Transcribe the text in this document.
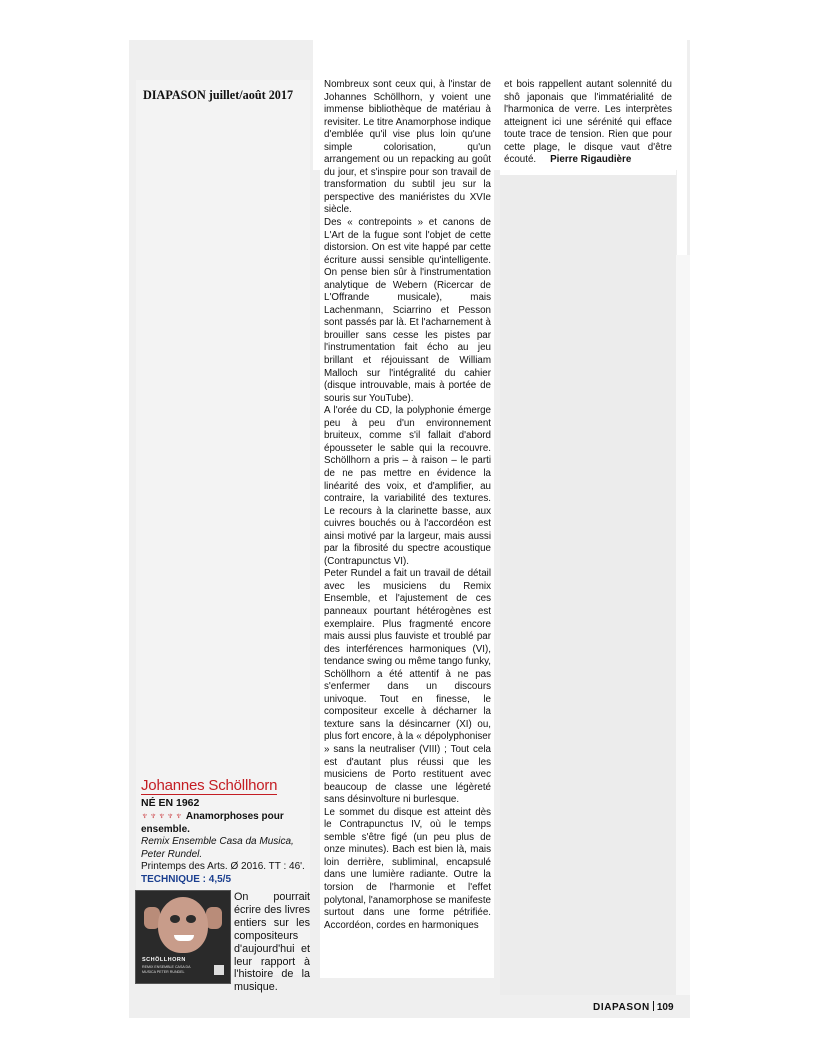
DIAPASON juillet/août 2017

Nombreux sont ceux qui, à l'instar de Johannes Schöllhorn, y voient une immense bibliothèque de matériau à revisiter. Le titre Anamorphose indique d'emblée qu'il vise plus loin qu'une simple colorisation, qu'un arrangement ou un repacking au goût du jour, et s'inspire pour son travail de transformation du subtil jeu sur la perspective des maniéristes du XVIe siècle.

Des « contrepoints » et canons de L'Art de la fugue sont l'objet de cette distorsion. On est vite happé par cette écriture aussi sensible qu'intelligente. On pense bien sûr à l'instrumentation analytique de Webern (Ricercar de L'Offrande musicale), mais Lachenmann, Sciarrino et Pesson sont passés par là. Et l'acharnement à brouiller sans cesse les pistes par l'instrumentation fait écho au jeu brillant et réjouissant de William Malloch sur l'intégralité du cahier (disque introuvable, mais à portée de souris sur YouTube).

A l'orée du CD, la polyphonie émerge peu à peu d'un environnement bruiteux, comme s'il fallait d'abord épousseter le sable qui la recouvre. Schöllhorn a pris – à raison – le parti de ne pas mettre en évidence la linéarité des voix, et d'amplifier, au contraire, la variabilité des textures. Le recours à la clarinette basse, aux cuivres bouchés ou à l'accordéon est ainsi motivé par la largeur, mais aussi par la fibrosité du spectre acoustique (Contrapunctus VI).

Peter Rundel a fait un travail de détail avec les musiciens du Remix Ensemble, et l'ajustement de ces panneaux pourtant hétérogènes est exemplaire. Plus fragmenté encore mais aussi plus fauviste et troublé par des interférences harmoniques (VI), tendance swing ou même tango funky, Schöllhorn a été attentif à ne pas s'enfermer dans un discours univoque. Tout en finesse, le compositeur excelle à décharner la texture sans la désincarner (XI) ou, plus fort encore, à la « dépolyphoniser » sans la neutraliser (VIII) ; Tout cela est d'autant plus réussi que les musiciens de Porto restituent avec beaucoup de classe une légèreté sans désinvolture ni burlesque.

Le sommet du disque est atteint dès le Contrapunctus IV, où le temps semble s'être figé (un peu plus de onze minutes). Bach est bien là, mais loin derrière, subliminal, encapsulé dans une lumière radiante. Outre la torsion de l'harmonie et l'effet polytonal, l'anamorphose se manifeste surtout dans une forme pétrifiée. Accordéon, cordes en harmoniques

et bois rappellent autant solennité du shô japonais que l'immatérialité de l'harmonica de verre. Les interprètes atteignent ici une sérénité qui efface toute trace de tension. Rien que pour cette plage, le disque vaut d'être écouté. Pierre Rigaudière

Johannes Schöllhorn
NÉ EN 1962
♆♆♆♆♆ Anamorphoses pour ensemble.
Remix Ensemble Casa da Musica, Peter Rundel.
Printemps des Arts. Ø 2016. TT : 46'.
TECHNIQUE : 4,5/5
SCHÖLLHORN
REMIX ENSEMBLE CASA DA MUSICA PETER RUNDEL
On pourrait écrire des livres entiers sur les compositeurs d'aujourd'hui et leur rapport à l'histoire de la musique.
DIAPASON 109
